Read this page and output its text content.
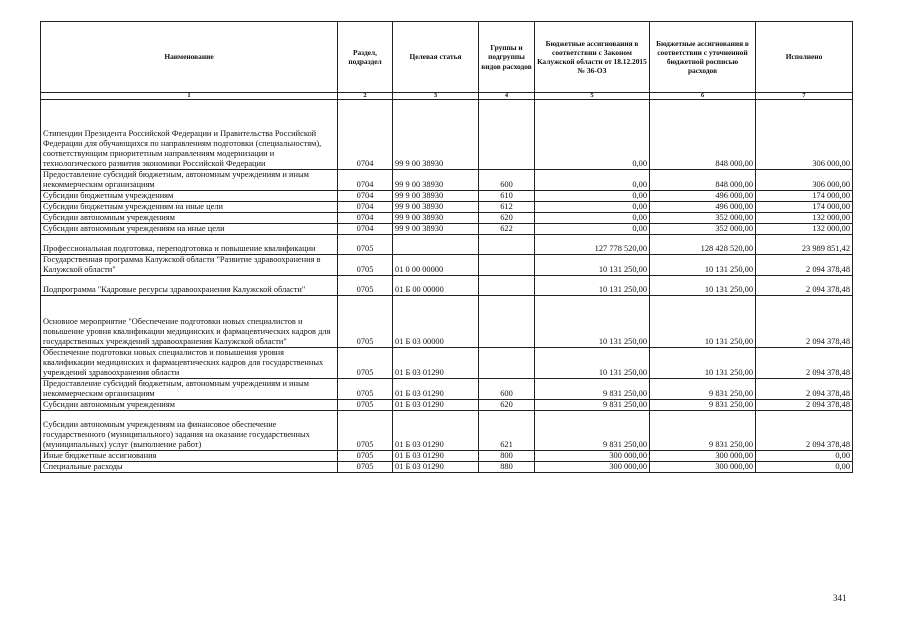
Наименование	Раздел, подраздел	Целевая статья	Группы и подгруппы видов расходов	Бюджетные ассигнования в соответствии с Законом Калужской области от 18.12.2015 № 36-ОЗ	Бюджетные ассигнования в соответствии с уточненной бюджетной росписью расходов	Исполнено
1	2	3	4	5	6	7
Стипендии Президента Российской Федерации и Правительства Российской Федерации для обучающихся по направлениям подготовки (специальностям), соответствующим приоритетным направлениям модернизации и технологического развития экономики Российской Федерации	0704	99 9 00 38930		0,00	848 000,00	306 000,00
Предоставление субсидий бюджетным, автономным учреждениям и иным некоммерческим организациям	0704	99 9 00 38930	600	0,00	848 000,00	306 000,00
Субсидии бюджетным учреждениям	0704	99 9 00 38930	610	0,00	496 000,00	174 000,00
Субсидии бюджетным учреждениям на иные цели	0704	99 9 00 38930	612	0,00	496 000,00	174 000,00
Субсидии автономным учреждениям	0704	99 9 00 38930	620	0,00	352 000,00	132 000,00
Субсидии автономным учреждениям на иные цели	0704	99 9 00 38930	622	0,00	352 000,00	132 000,00
Профессиональная подготовка, переподготовка и повышение квалификации	0705			127 778 520,00	128 428 520,00	23 989 851,42
Государственная программа Калужской области "Развитие здравоохранения в Калужской области"	0705	01 0 00 00000		10 131 250,00	10 131 250,00	2 094 378,48
Подпрограмма "Кадровые ресурсы здравоохранения Калужской области"	0705	01 Б 00 00000		10 131 250,00	10 131 250,00	2 094 378,48
Основное мероприятие "Обеспечение подготовки новых специалистов и повышение уровня квалификации медицинских и фармацевтических кадров для государственных учреждений здравоохранения Калужской области"	0705	01 Б 03 00000		10 131 250,00	10 131 250,00	2 094 378,48
Обеспечение подготовки новых специалистов и повышения уровня квалификации медицинских и фармацевтических кадров для государственных учреждений здравоохранения области	0705	01 Б 03 01290		10 131 250,00	10 131 250,00	2 094 378,48
Предоставление субсидий бюджетным, автономным учреждениям и иным некоммерческим организациям	0705	01 Б 03 01290	600	9 831 250,00	9 831 250,00	2 094 378,48
Субсидии автономным учреждениям	0705	01 Б 03 01290	620	9 831 250,00	9 831 250,00	2 094 378,48
Субсидии автономным учреждениям на финансовое обеспечение государственного (муниципального) задания на оказание государственных (муниципальных) услуг (выполнение работ)	0705	01 Б 03 01290	621	9 831 250,00	9 831 250,00	2 094 378,48
Иные бюджетные ассигнования	0705	01 Б 03 01290	800	300 000,00	300 000,00	0,00
Специальные расходы	0705	01 Б 03 01290	880	300 000,00	300 000,00	0,00
341
